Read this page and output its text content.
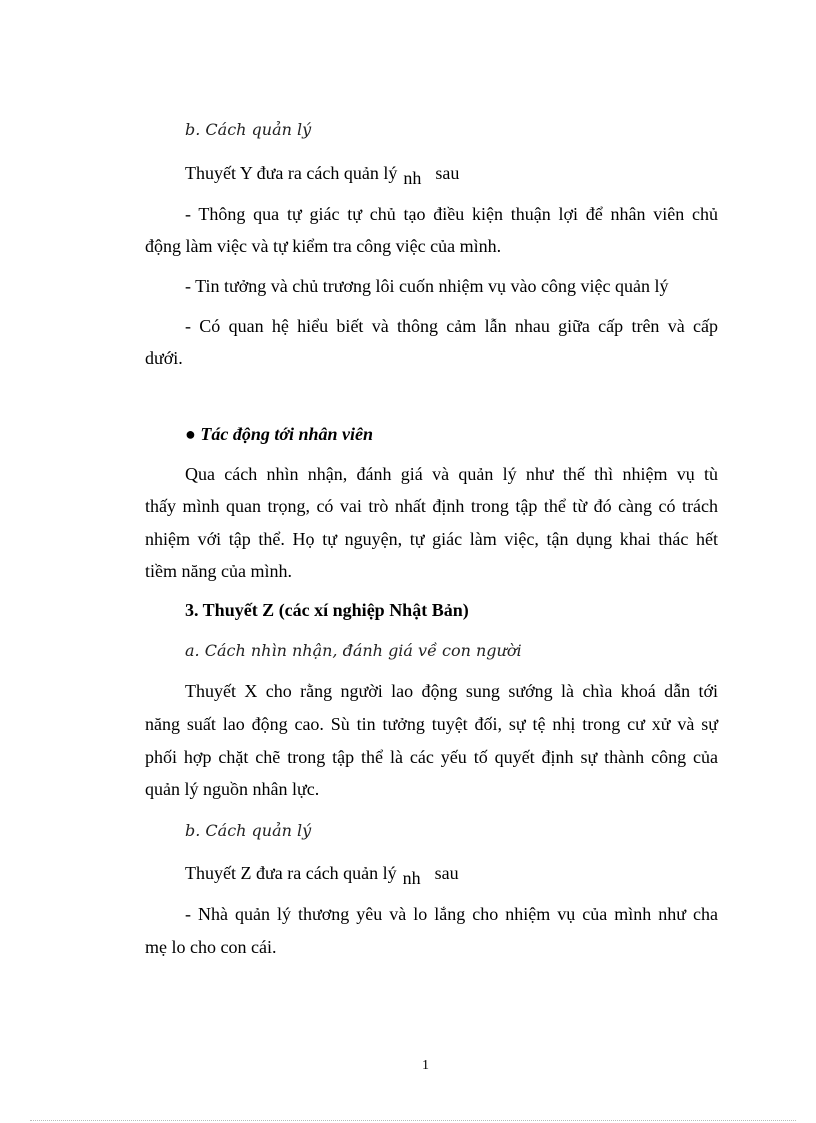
b. Cách quản lý
Thuyết Y đưa ra cách quản lý nh sau
- Thông qua tự giác tự chủ tạo điều kiện thuận lợi để nhân viên chủ
động làm việc và tự kiểm tra công việc của mình.
- Tin tưởng và chủ trương lôi cuốn nhiệm vụ vào công việc quản lý
- Có quan hệ hiểu biết và thông cảm lẫn nhau giữa cấp trên và cấp
dưới.
● Tác động tới nhân viên
Qua cách nhìn nhận, đánh giá và quản lý như thế thì nhiệm vụ tù
thấy mình quan trọng, có vai trò nhất định trong tập thể từ đó càng có trách
nhiệm với tập thể. Họ tự nguyện, tự giác làm việc, tận dụng khai thác hết
tiềm năng của mình.
3. Thuyết Z (các xí nghiệp Nhật Bản)
a. Cách nhìn nhận, đánh giá về con người
Thuyết X cho rằng người lao động sung sướng là chìa khoá dẫn tới
năng suất lao động cao. Sù tin tưởng tuyệt đối, sự tệ nhị trong cư xử và sự
phối hợp chặt chẽ trong tập thể là các yếu tố quyết định sự thành công của
quản lý nguồn nhân lực.
b. Cách quản lý
Thuyết Z đưa ra cách quản lý nh sau
- Nhà quản lý thương yêu và lo lắng cho nhiệm vụ của mình như cha
mẹ lo cho con cái.
1
